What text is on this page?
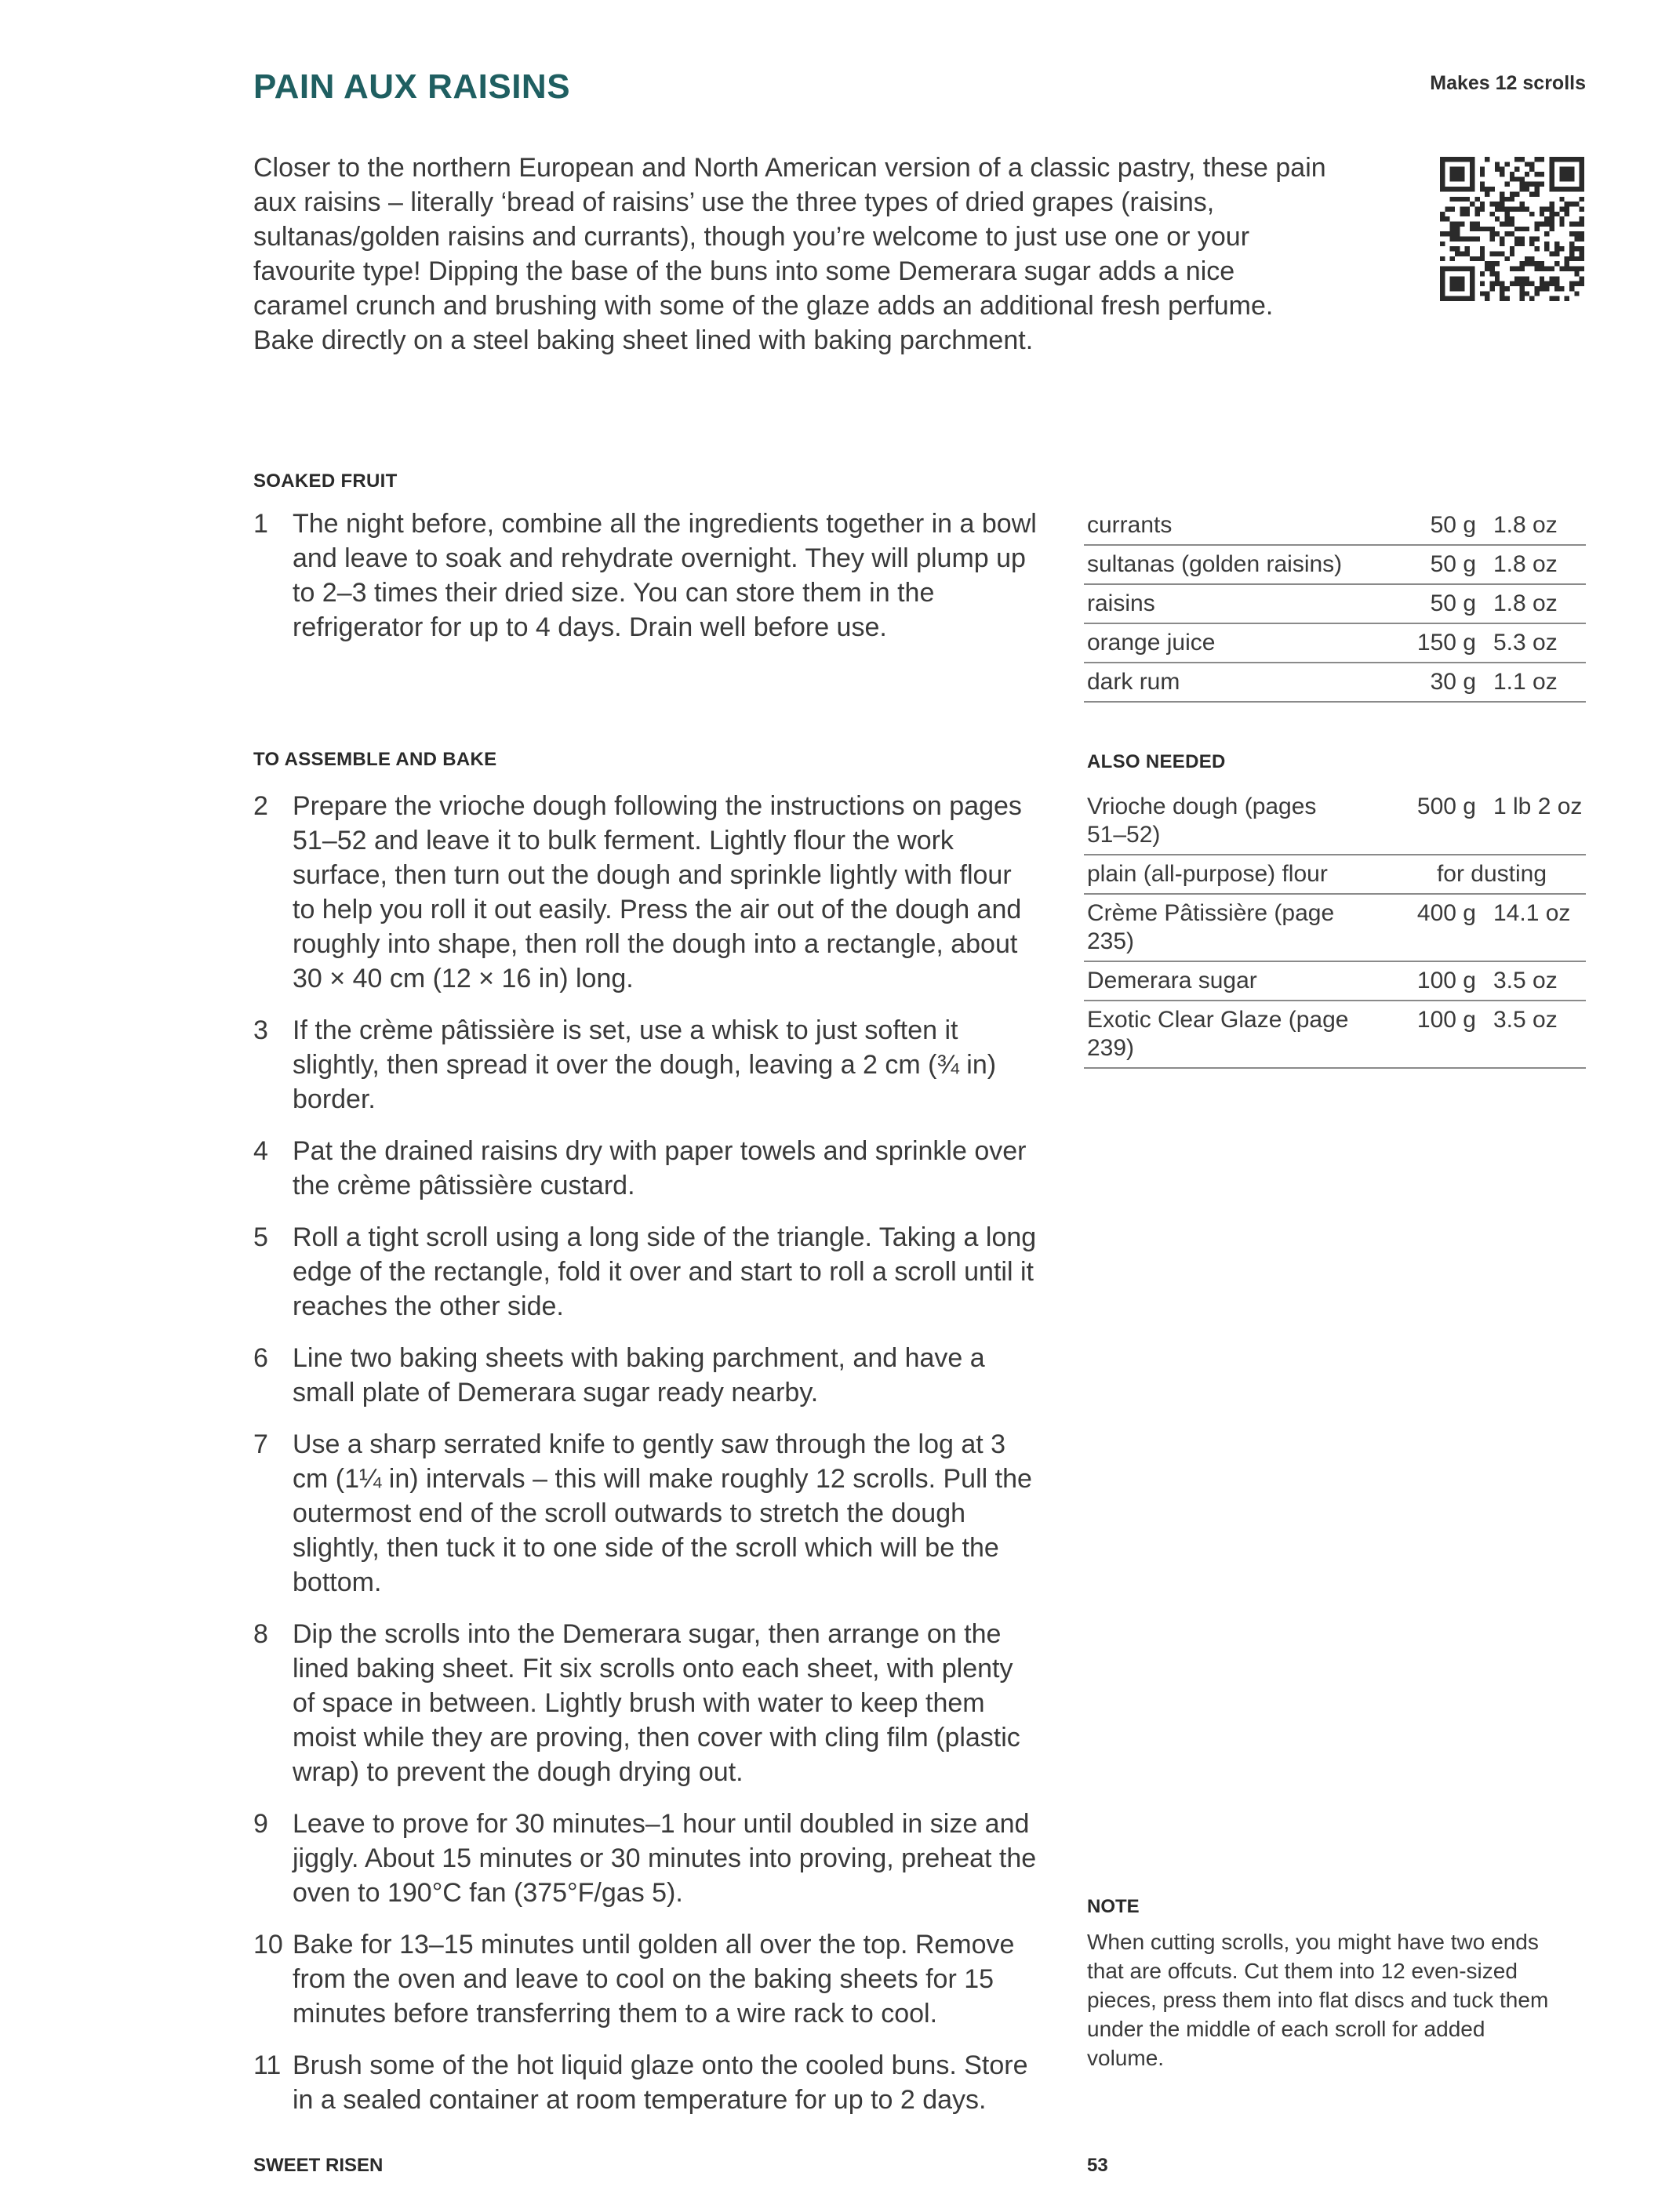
PAIN AUX RAISINS	Makes 12 scrolls

Closer to the northern European and North American version of a classic pastry, these pain aux raisins – literally ‘bread of raisins’ use the three types of dried grapes (raisins, sultanas/golden raisins and currants), though you’re welcome to just use one or your favourite type! Dipping the base of the buns into some Demerara sugar adds a nice caramel crunch and brushing with some of the glaze adds an additional fresh perfume. Bake directly on a steel baking sheet lined with baking parchment.

SOAKED FRUIT
1 The night before, combine all the ingredients together in a bowl and leave to soak and rehydrate overnight. They will plump up to 2–3 times their dried size. You can store them in the refrigerator for up to 4 days. Drain well before use.
currants	50 g	1.8 oz
sultanas (golden raisins)	50 g	1.8 oz
raisins	50 g	1.8 oz
orange juice	150 g	5.3 oz
dark rum	30 g	1.1 oz
TO ASSEMBLE AND BAKE
2 Prepare the vrioche dough following the instructions on pages 51–52 and leave it to bulk ferment. Lightly flour the work surface, then turn out the dough and sprinkle lightly with flour to help you roll it out easily. Press the air out of the dough and roughly into shape, then roll the dough into a rectangle, about 30 × 40 cm (12 × 16 in) long.
3 If the crème pâtissière is set, use a whisk to just soften it slightly, then spread it over the dough, leaving a 2 cm (¾ in) border.
4 Pat the drained raisins dry with paper towels and sprinkle over the crème pâtissière custard.
5 Roll a tight scroll using a long side of the triangle. Taking a long edge of the rectangle, fold it over and start to roll a scroll until it reaches the other side.
6 Line two baking sheets with baking parchment, and have a small plate of Demerara sugar ready nearby.
7 Use a sharp serrated knife to gently saw through the log at 3 cm (1¼ in) intervals – this will make roughly 12 scrolls. Pull the outermost end of the scroll outwards to stretch the dough slightly, then tuck it to one side of the scroll which will be the bottom.
8 Dip the scrolls into the Demerara sugar, then arrange on the lined baking sheet. Fit six scrolls onto each sheet, with plenty of space in between. Lightly brush with water to keep them moist while they are proving, then cover with cling film (plastic wrap) to prevent the dough drying out.
9 Leave to prove for 30 minutes–1 hour until doubled in size and jiggly. About 15 minutes or 30 minutes into proving, preheat the oven to 190°C fan (375°F/gas 5).
10 Bake for 13–15 minutes until golden all over the top. Remove from the oven and leave to cool on the baking sheets for 15 minutes before transferring them to a wire rack to cool.
11 Brush some of the hot liquid glaze onto the cooled buns. Store in a sealed container at room temperature for up to 2 days.
ALSO NEEDED
Vrioche dough (pages 51–52)	500 g	1 lb 2 oz
plain (all-purpose) flour	for dusting	
Crème Pâtissière (page 235)	400 g	14.1 oz
Demerara sugar	100 g	3.5 oz
Exotic Clear Glaze (page 239)	100 g	3.5 oz
NOTE
When cutting scrolls, you might have two ends that are offcuts. Cut them into 12 even-sized pieces, press them into flat discs and tuck them under the middle of each scroll for added volume.
SWEET RISEN	53
